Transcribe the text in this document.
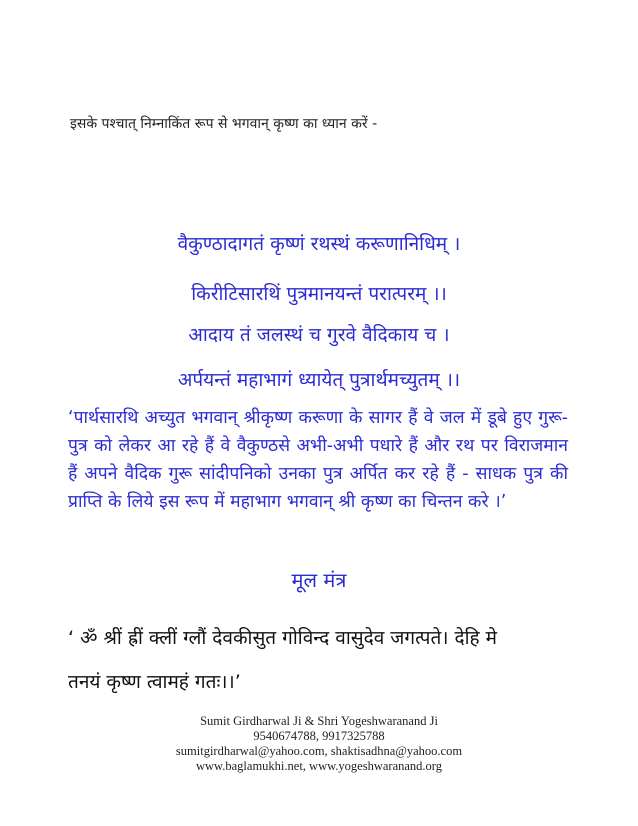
इसके पश्चात् निम्नाकिंत रूप से भगवान् कृष्ण का ध्यान करें -
वैकुण्ठादागतं कृष्णं रथस्थं करूणानिधिम् ।
किरीटिसारथिं पुत्रमानयन्तं परात्परम् ।।
आदाय तं जलस्थं च गुरवे वैदिकाय च ।
अर्पयन्तं महाभागं ध्यायेत् पुत्रार्थमच्युतम् ।।

‘पार्थसारथि अच्युत भगवान् श्रीकृष्ण करूणा के सागर हैं वे जल में डूबे हुए गुरू-पुत्र को लेकर आ रहे हैं वे वैकुण्ठसे अभी-अभी पधारे हैं और रथ पर विराजमान हैं अपने वैदिक गुरू सांदीपनिको उनका पुत्र अर्पित कर रहे हैं - साधक पुत्र की प्राप्ति के लिये इस रूप में महाभाग भगवान् श्री कृष्ण का चिन्तन करे ।’

मूल मंत्र
‘ ॐ श्रीं ह्रीं क्लीं ग्लौं देवकीसुत गोविन्द वासुदेव जगत्पते। देहि मे
तनयं कृष्ण त्वामहं गतः।।’
Sumit Girdharwal Ji & Shri Yogeshwaranand Ji
9540674788, 9917325788
sumitgirdharwal@yahoo.com, shaktisadhna@yahoo.com
www.baglamukhi.net, www.yogeshwaranand.org
